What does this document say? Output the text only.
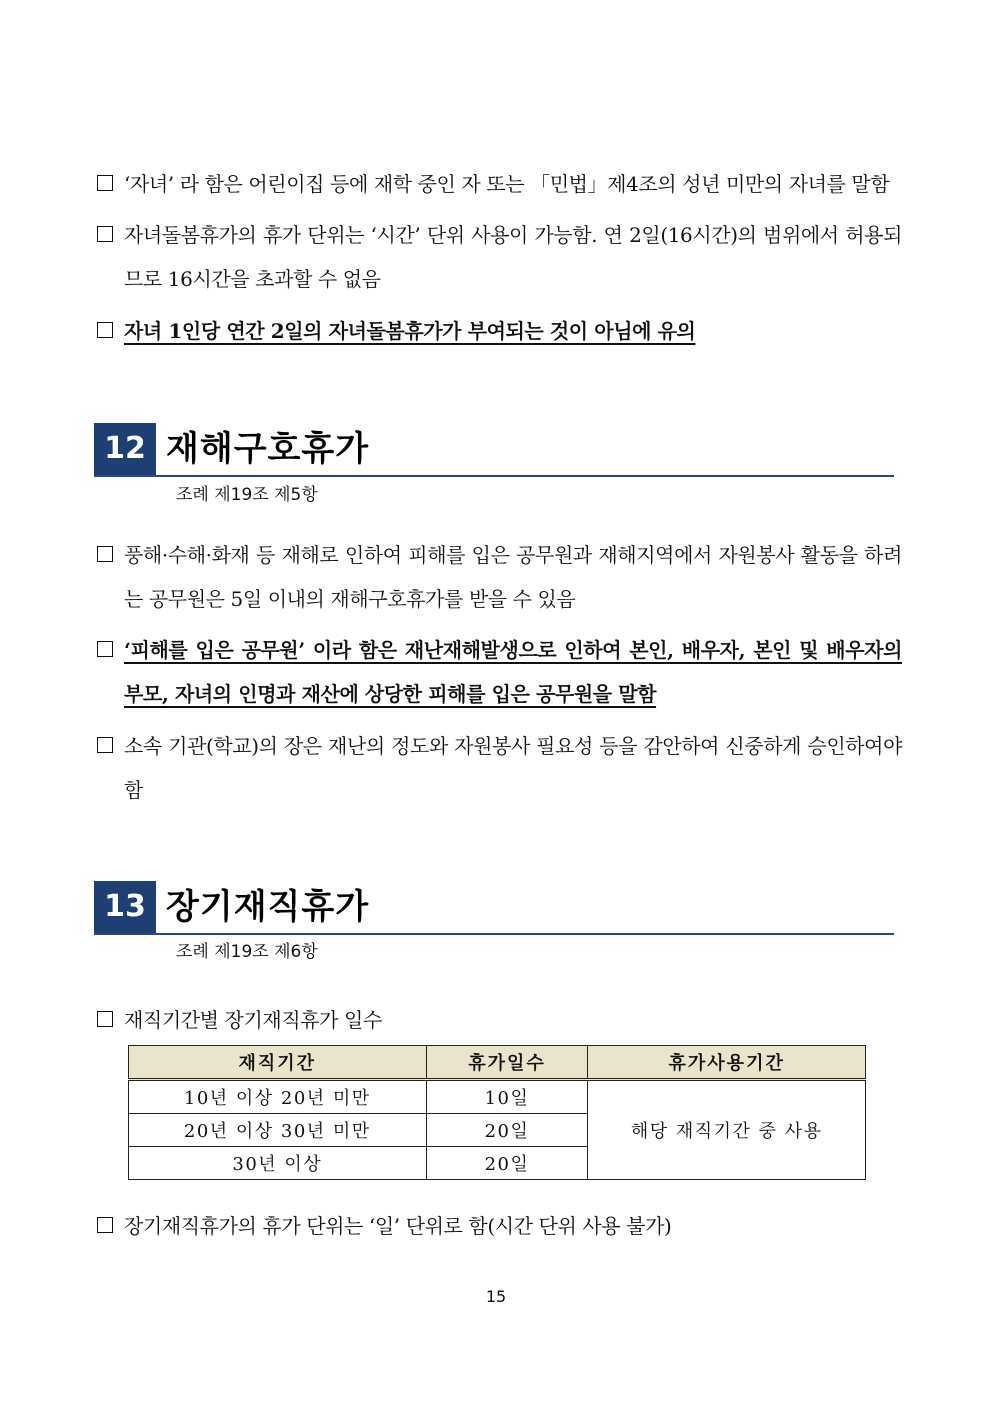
‘자녀’ 라 함은 어린이집 등에 재학 중인 자 또는 「민법」제4조의 성년 미만의 자녀를 말함
자녀돌봄휴가의 휴가 단위는 ‘시간’ 단위 사용이 가능함. 연 2일(16시간)의 범위에서 허용되므로 16시간을 초과할 수 없음
자녀 1인당 연간 2일의 자녀돌봄휴가가 부여되는 것이 아님에 유의
12 재해구호휴가
조례 제19조 제5항
풍해·수해·화재 등 재해로 인하여 피해를 입은 공무원과 재해지역에서 자원봉사 활동을 하려는 공무원은 5일 이내의 재해구호휴가를 받을 수 있음
‘피해를 입은 공무원’ 이라 함은 재난재해발생으로 인하여 본인, 배우자, 본인 및 배우자의 부모, 자녀의 인명과 재산에 상당한 피해를 입은 공무원을 말함
소속 기관(학교)의 장은 재난의 정도와 자원봉사 필요성 등을 감안하여 신중하게 승인하여야 함
13 장기재직휴가
조례 제19조 제6항
재직기간별 장기재직휴가 일수
재직기간	휴가일수	휴가사용기간
10년 이상 20년 미만	10일	해당 재직기간 중 사용
20년 이상 30년 미만	20일	
30년 이상	20일	
장기재직휴가의 휴가 단위는 ‘일’ 단위로 함(시간 단위 사용 불가)
15
